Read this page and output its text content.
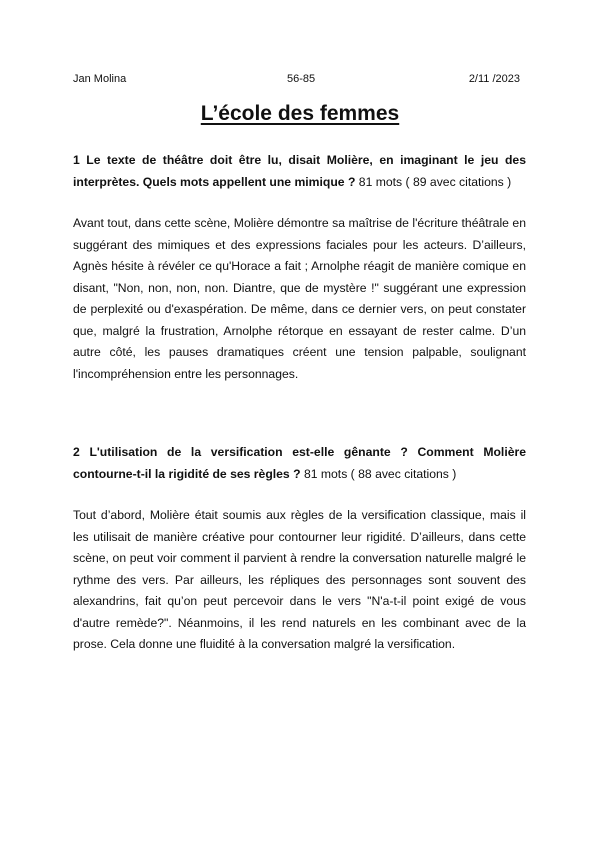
Jan Molina	56-85	2/11 /2023
L’école des femmes
1 Le texte de théâtre doit être lu, disait Molière, en imaginant le jeu des interprètes. Quels mots appellent une mimique ? 81 mots ( 89 avec citations )
Avant tout, dans cette scène, Molière démontre sa maîtrise de l'écriture théâtrale en suggérant des mimiques et des expressions faciales pour les acteurs. D’ailleurs, Agnès hésite à révéler ce qu'Horace a fait ; Arnolphe réagit de manière comique en disant, "Non, non, non, non. Diantre, que de mystère !" suggérant une expression de perplexité ou d'exaspération. De même, dans ce dernier vers, on peut constater que, malgré la frustration, Arnolphe rétorque en essayant de rester calme. D’un autre côté, les pauses dramatiques créent une tension palpable, soulignant l'incompréhension entre les personnages.
2 L'utilisation de la versification est-elle gênante ? Comment Molière contourne-t-il la rigidité de ses règles ? 81 mots ( 88 avec citations )
Tout d’abord, Molière était soumis aux règles de la versification classique, mais il les utilisait de manière créative pour contourner leur rigidité. D’ailleurs, dans cette scène, on peut voir comment il parvient à rendre la conversation naturelle malgré le rythme des vers. Par ailleurs, les répliques des personnages sont souvent des alexandrins, fait qu’on peut percevoir dans le vers "N'a-t-il point exigé de vous d'autre remède?". Néanmoins, il les rend naturels en les combinant avec de la prose. Cela donne une fluidité à la conversation malgré la versification.
